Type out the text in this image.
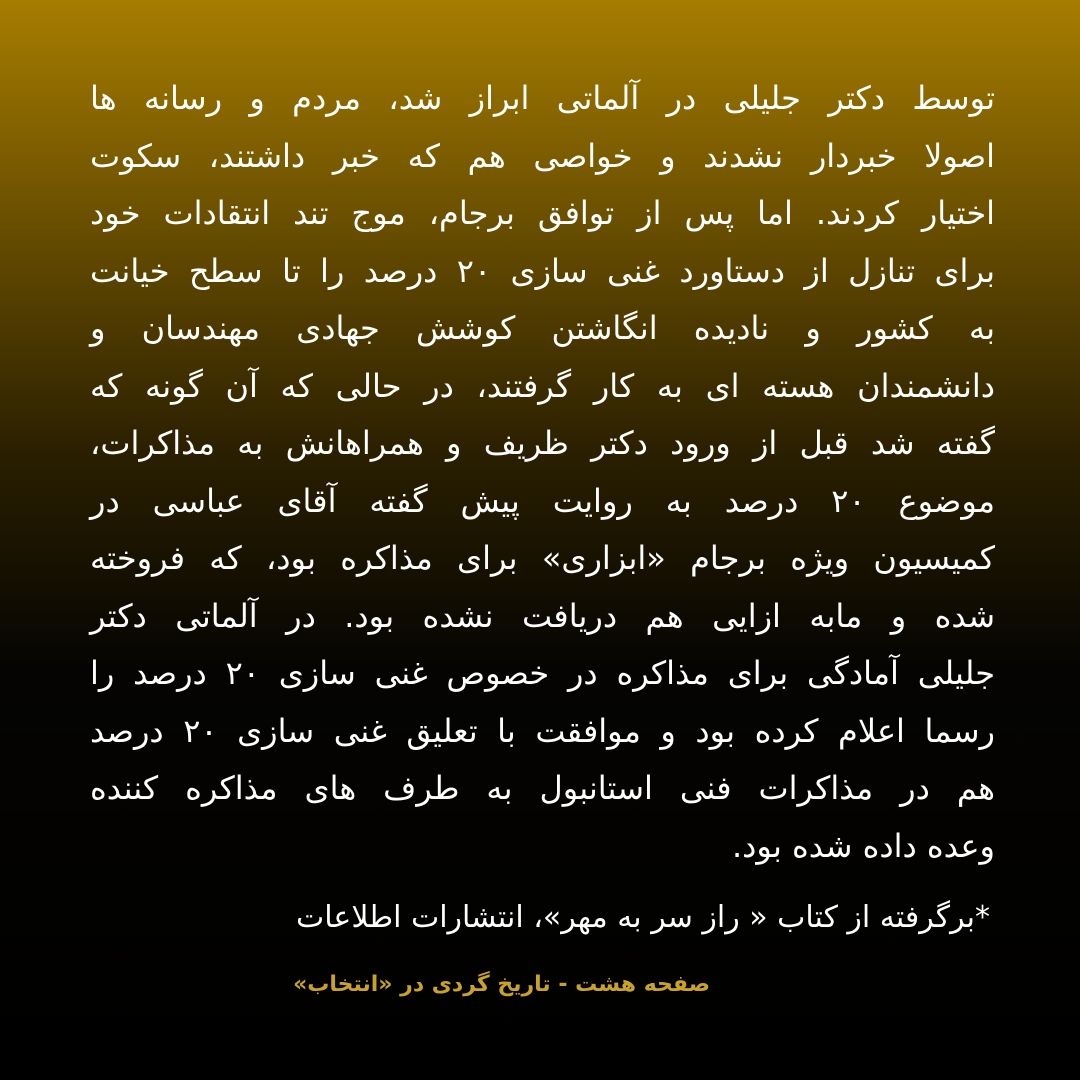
توسط دکتر جلیلی در آلماتی ابراز شد، مردم و رسانه ها
اصولا خبردار نشدند و خواصی هم که خبر داشتند، سکوت
اختیار کردند. اما پس از توافق برجام، موج تند انتقادات خود
برای تنازل از دستاورد غنی سازی ۲۰ درصد را تا سطح خیانت
به کشور و نادیده انگاشتن کوشش جهادی مهندسان و
دانشمندان هسته ای به کار گرفتند، در حالی که آن گونه که
گفته شد قبل از ورود دکتر ظریف و همراهانش به مذاکرات،
موضوع ۲۰ درصد به روایت پیش گفته آقای عباسی در
کمیسیون ویژه برجام «ابزاری» برای مذاکره بود، که فروخته
شده و مابه ازایی هم دریافت نشده بود. در آلماتی دکتر
جلیلی آمادگی برای مذاکره در خصوص غنی سازی ۲۰ درصد را
رسما اعلام کرده بود و موافقت با تعلیق غنی سازی ۲۰ درصد
هم در مذاکرات فنی استانبول به طرف های مذاکره کننده
وعده داده شده بود.
*برگرفته از کتاب « راز سر به مهر»، انتشارات اطلاعات
صفحه هشت - تاریخ گردی در «انتخاب»
